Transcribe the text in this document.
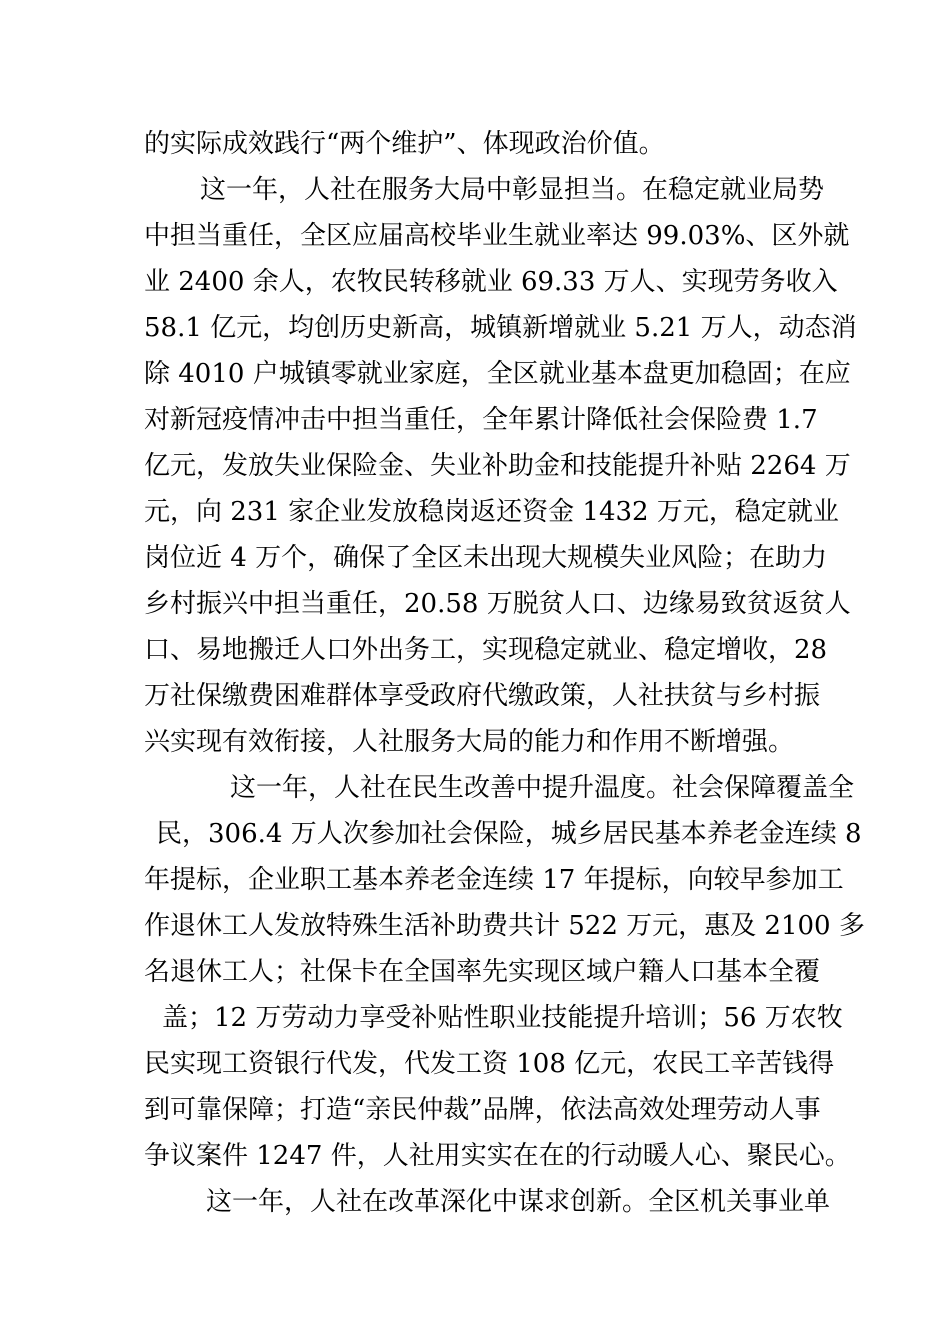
的实际成效践行“两个维护”、体现政治价值。
这一年，人社在服务大局中彰显担当。在稳定就业局势
中担当重任，全区应届高校毕业生就业率达 99.03%、区外就
业 2400 余人，农牧民转移就业 69.33 万人、实现劳务收入
58.1 亿元，均创历史新高，城镇新增就业 5.21 万人，动态消
除 4010 户城镇零就业家庭，全区就业基本盘更加稳固；在应
对新冠疫情冲击中担当重任，全年累计降低社会保险费 1.7
亿元，发放失业保险金、失业补助金和技能提升补贴 2264 万
元，向 231 家企业发放稳岗返还资金 1432 万元，稳定就业
岗位近 4 万个，确保了全区未出现大规模失业风险；在助力
乡村振兴中担当重任，20.58 万脱贫人口、边缘易致贫返贫人
口、易地搬迁人口外出务工，实现稳定就业、稳定增收，28
万社保缴费困难群体享受政府代缴政策，人社扶贫与乡村振
兴实现有效衔接，人社服务大局的能力和作用不断增强。
这一年，人社在民生改善中提升温度。社会保障覆盖全
民，306.4 万人次参加社会保险，城乡居民基本养老金连续 8
年提标，企业职工基本养老金连续 17 年提标，向较早参加工
作退休工人发放特殊生活补助费共计 522 万元，惠及 2100 多
名退休工人；社保卡在全国率先实现区域户籍人口基本全覆
盖；12 万劳动力享受补贴性职业技能提升培训；56 万农牧
民实现工资银行代发，代发工资 108 亿元，农民工辛苦钱得
到可靠保障；打造“亲民仲裁”品牌，依法高效处理劳动人事
争议案件 1247 件，人社用实实在在的行动暖人心、聚民心。
这一年，人社在改革深化中谋求创新。全区机关事业单
